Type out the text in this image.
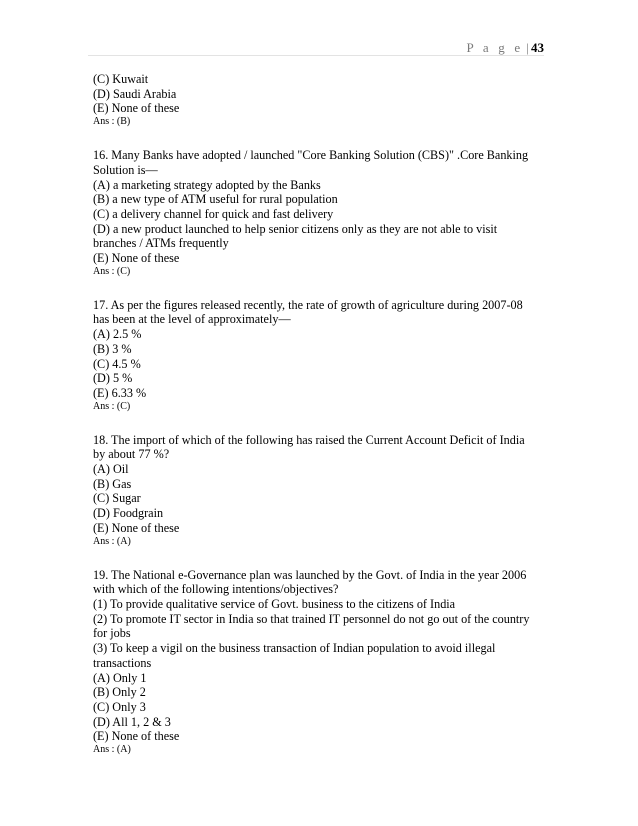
P a g e | 43
(C) Kuwait
(D) Saudi Arabia
(E) None of these
Ans : (B)
16. Many Banks have adopted / launched "Core Banking Solution (CBS)" .Core Banking
Solution is—
(A) a marketing strategy adopted by the Banks
(B) a new type of ATM useful for rural population
(C) a delivery channel for quick and fast delivery
(D) a new product launched to help senior citizens only as they are not able to visit
branches / ATMs frequently
(E) None of these
Ans : (C)
17. As per the figures released recently, the rate of growth of agriculture during 2007-08
has been at the level of approximately—
(A) 2.5 %
(B) 3 %
(C) 4.5 %
(D) 5 %
(E) 6.33 %
Ans : (C)
18. The import of which of the following has raised the Current Account Deficit of India
by about 77 %?
(A) Oil
(B) Gas
(C) Sugar
(D) Foodgrain
(E) None of these
Ans : (A)
19. The National e-Governance plan was launched by the Govt. of India in the year 2006
with which of the following intentions/objectives?
(1) To provide qualitative service of Govt. business to the citizens of India
(2) To promote IT sector in India so that trained IT personnel do not go out of the country
for jobs
(3) To keep a vigil on the business transaction of Indian population to avoid illegal
transactions
(A) Only 1
(B) Only 2
(C) Only 3
(D) All 1, 2 & 3
(E) None of these
Ans : (A)
